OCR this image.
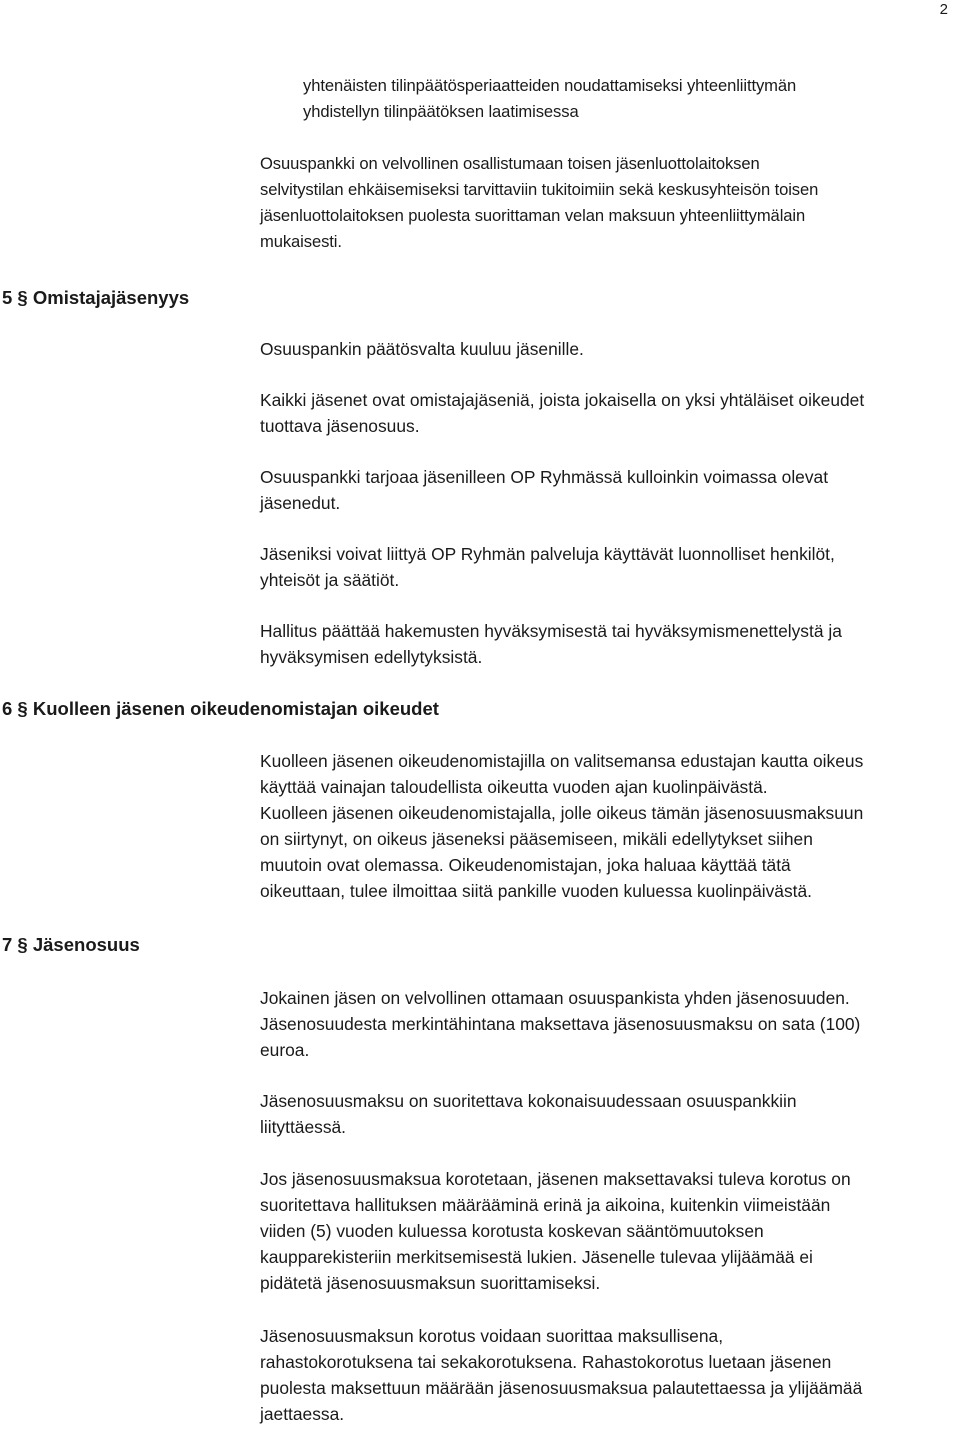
2

yhtenäisten tilinpäätösperiaatteiden noudattamiseksi yhteenliittymän
yhdistellyn tilinpäätöksen laatimisessa

Osuuspankki on velvollinen osallistumaan toisen jäsenluottolaitoksen
selvitystilan ehkäisemiseksi tarvittaviin tukitoimiin sekä keskusyhteisön toisen
jäsenluottolaitoksen puolesta suorittaman velan maksuun yhteenliittymälain
mukaisesti.

5 § Omistajajäsenyys

Osuuspankin päätösvalta kuuluu jäsenille.

Kaikki jäsenet ovat omistajajäseniä, joista jokaisella on yksi yhtäläiset oikeudet
tuottava jäsenosuus.

Osuuspankki tarjoaa jäsenilleen OP Ryhmässä kulloinkin voimassa olevat
jäsenedut.

Jäseniksi voivat liittyä OP Ryhmän palveluja käyttävät luonnolliset henkilöt,
yhteisöt ja säätiöt.

Hallitus päättää hakemusten hyväksymisestä tai hyväksymismenettelystä ja
hyväksymisen edellytyksistä.

6 § Kuolleen jäsenen oikeudenomistajan oikeudet

Kuolleen jäsenen oikeudenomistajilla on valitsemansa edustajan kautta oikeus
käyttää vainajan taloudellista oikeutta vuoden ajan kuolinpäivästä.
Kuolleen jäsenen oikeudenomistajalla, jolle oikeus tämän jäsenosuusmaksuun
on siirtynyt, on oikeus jäseneksi pääsemiseen, mikäli edellytykset siihen
muutoin ovat olemassa. Oikeudenomistajan, joka haluaa käyttää tätä
oikeuttaan, tulee ilmoittaa siitä pankille vuoden kuluessa kuolinpäivästä.

7 § Jäsenosuus

Jokainen jäsen on velvollinen ottamaan osuuspankista yhden jäsenosuuden.
Jäsenosuudesta merkintähintana maksettava jäsenosuusmaksu on sata (100)
euroa.

Jäsenosuusmaksu on suoritettava kokonaisuudessaan osuuspankkiin
liityttäessä.

Jos jäsenosuusmaksua korotetaan, jäsenen maksettavaksi tuleva korotus on
suoritettava hallituksen määrääminä erinä ja aikoina, kuitenkin viimeistään
viiden (5) vuoden kuluessa korotusta koskevan sääntömuutoksen
kaupparekisteriin merkitsemisestä lukien. Jäsenelle tulevaa ylijäämää ei
pidätetä jäsenosuusmaksun suorittamiseksi.

Jäsenosuusmaksun korotus voidaan suorittaa maksullisena,
rahastokorotuksena tai sekakorotuksena. Rahastokorotus luetaan jäsenen
puolesta maksettuun määrään jäsenosuusmaksua palautettaessa ja ylijäämää
jaettaessa.
